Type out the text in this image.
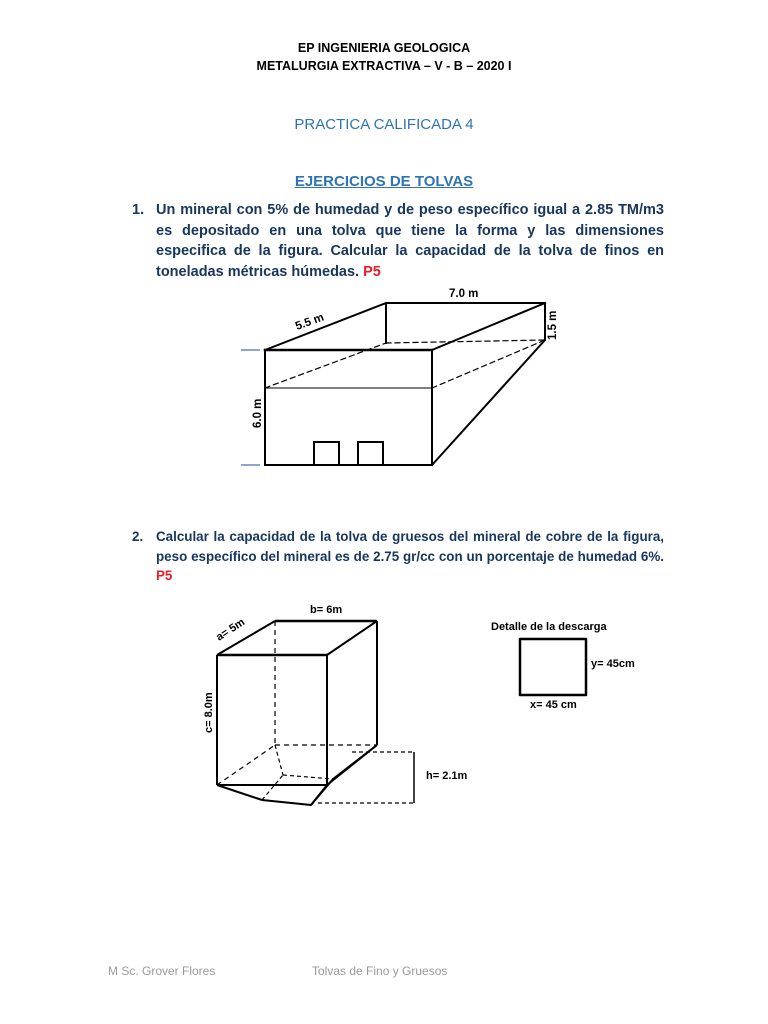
EP INGENIERIA GEOLOGICA
METALURGIA EXTRACTIVA – V - B – 2020 I
PRACTICA CALIFICADA 4
EJERCICIOS DE TOLVAS
1. Un mineral con 5% de humedad y de peso específico igual a 2.85 TM/m3 es depositado en una tolva que tiene la forma y las dimensiones especifica de la figura. Calcular la capacidad de la tolva de finos en toneladas métricas húmedas. P5
2. Calcular la capacidad de la tolva de gruesos del mineral de cobre de la figura, peso específico del mineral es de 2.75 gr/cc con un porcentaje de humedad 6%. P5
7.0 m
5.5 m	1.5 m
6.0 m
b= 6m
a= 5m
c= 8.0m
h= 2.1m
Detalle de la descarga
y= 45cm
x= 45 cm
M Sc. Grover Flores	Tolvas de Fino y Gruesos
